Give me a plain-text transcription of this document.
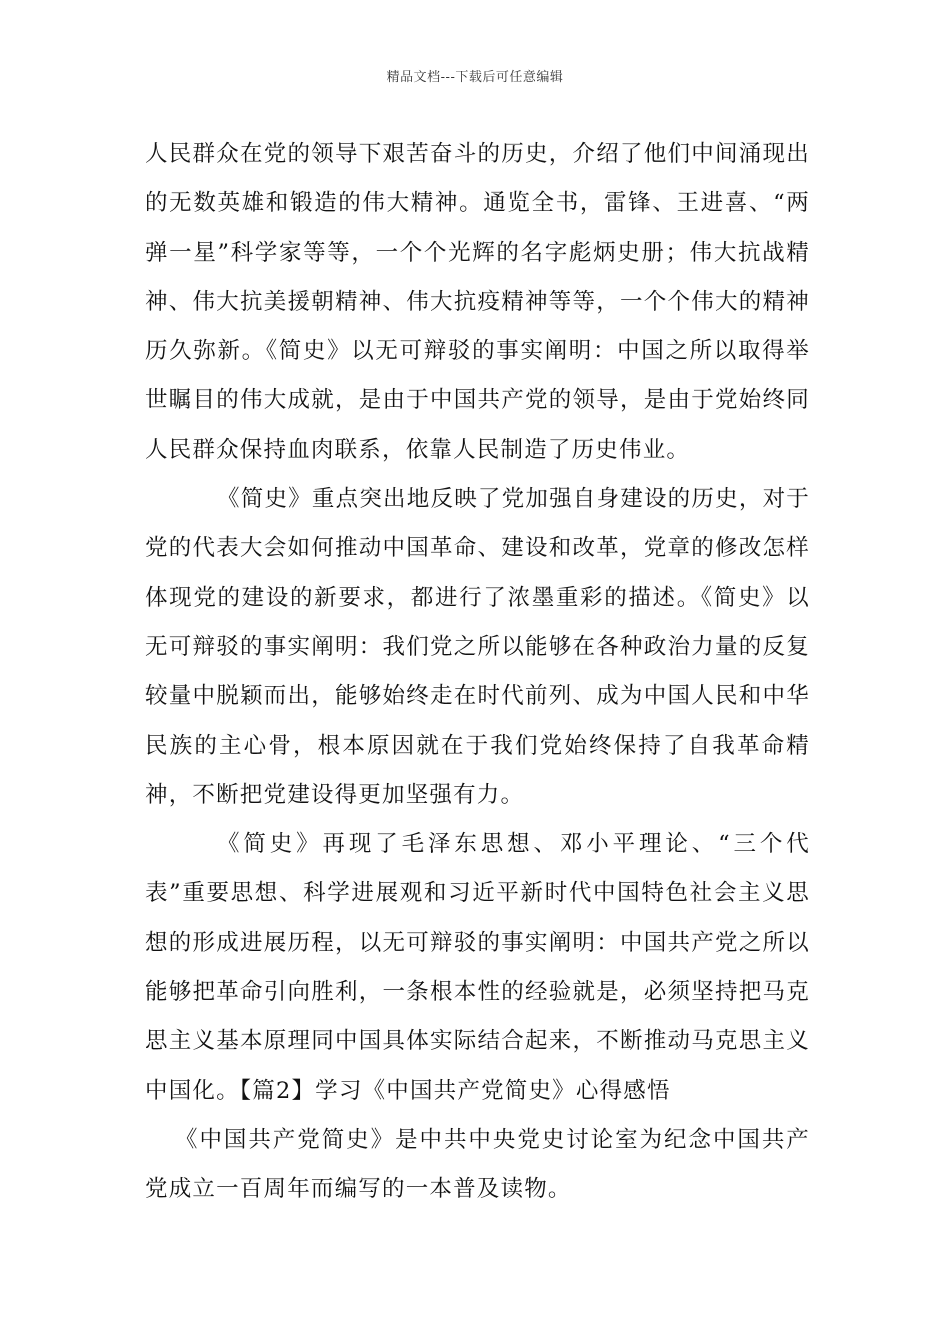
精品文档---下载后可任意编辑

人民群众在党的领导下艰苦奋斗的历史，介绍了他们中间涌现出的无数英雄和锻造的伟大精神。通览全书，雷锋、王进喜、“两弹一星”科学家等等，一个个光辉的名字彪炳史册；伟大抗战精神、伟大抗美援朝精神、伟大抗疫精神等等，一个个伟大的精神历久弥新。《简史》以无可辩驳的事实阐明：中国之所以取得举世瞩目的伟大成就，是由于中国共产党的领导，是由于党始终同人民群众保持血肉联系，依靠人民制造了历史伟业。

《简史》重点突出地反映了党加强自身建设的历史，对于党的代表大会如何推动中国革命、建设和改革，党章的修改怎样体现党的建设的新要求，都进行了浓墨重彩的描述。《简史》以无可辩驳的事实阐明：我们党之所以能够在各种政治力量的反复较量中脱颖而出，能够始终走在时代前列、成为中国人民和中华民族的主心骨，根本原因就在于我们党始终保持了自我革命精神，不断把党建设得更加坚强有力。

《简史》再现了毛泽东思想、邓小平理论、“三个代表”重要思想、科学进展观和习近平新时代中国特色社会主义思想的形成进展历程，以无可辩驳的事实阐明：中国共产党之所以能够把革命引向胜利，一条根本性的经验就是，必须坚持把马克思主义基本原理同中国具体实际结合起来，不断推动马克思主义中国化。【篇2】学习《中国共产党简史》心得感悟

《中国共产党简史》是中共中央党史讨论室为纪念中国共产党成立一百周年而编写的一本普及读物。
